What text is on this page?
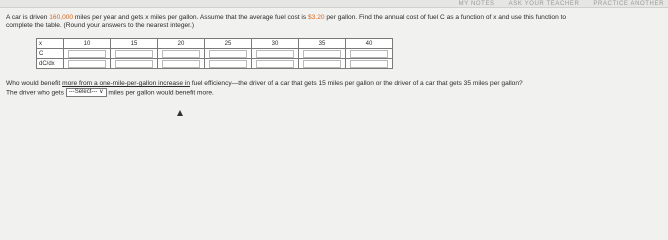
MY NOTES ASK YOUR TEACHER PRACTICE ANOTHER
A car is driven 160,000 miles per year and gets x miles per gallon. Assume that the average fuel cost is $3.20 per gallon. Find the annual cost of fuel C as a function of x and use this function to
complete the table. (Round your answers to the nearest integer.)
x	10	15	20	25	30	35	40
C							
dC/dx							
Who would benefit more from a one-mile-per-gallon increase in fuel efficiency—the driver of a car that gets 15 miles per gallon or the driver of a car that gets 35 miles per gallon?
The driver who gets ---Select--- ∨ miles per gallon would benefit more.
